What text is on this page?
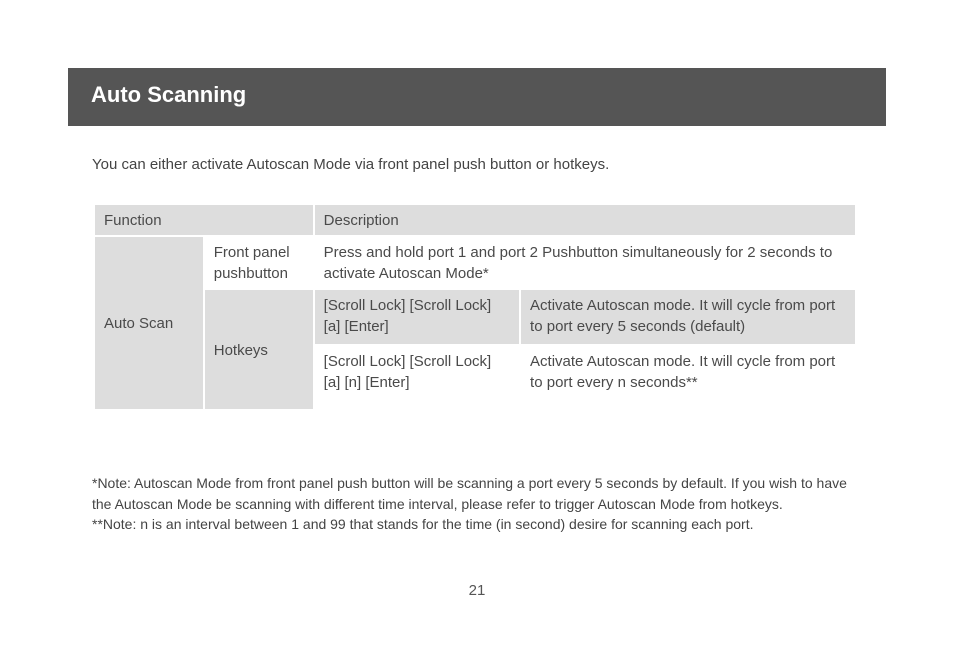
Auto Scanning
You can either activate Autoscan Mode via front panel push button or hotkeys.
Function		Description	
Auto Scan	Front panel pushbutton	Press and hold port 1 and port 2 Pushbutton simultaneously for 2 seconds to activate Autoscan Mode*	
	Hotkeys	[Scroll Lock] [Scroll Lock] [a] [Enter]	Activate Autoscan mode. It will cycle from port to port every 5 seconds (default)
		[Scroll Lock] [Scroll Lock] [a] [n] [Enter]	Activate Autoscan mode. It will cycle from port to port every n seconds**

*Note: Autoscan Mode from front panel push button will be scanning a port every 5 seconds by default. If you wish to have the Autoscan Mode be scanning with different time interval, please refer to trigger Autoscan Mode from hotkeys.

**Note: n is an interval between 1 and 99 that stands for the time (in second) desire for scanning each port.

21
